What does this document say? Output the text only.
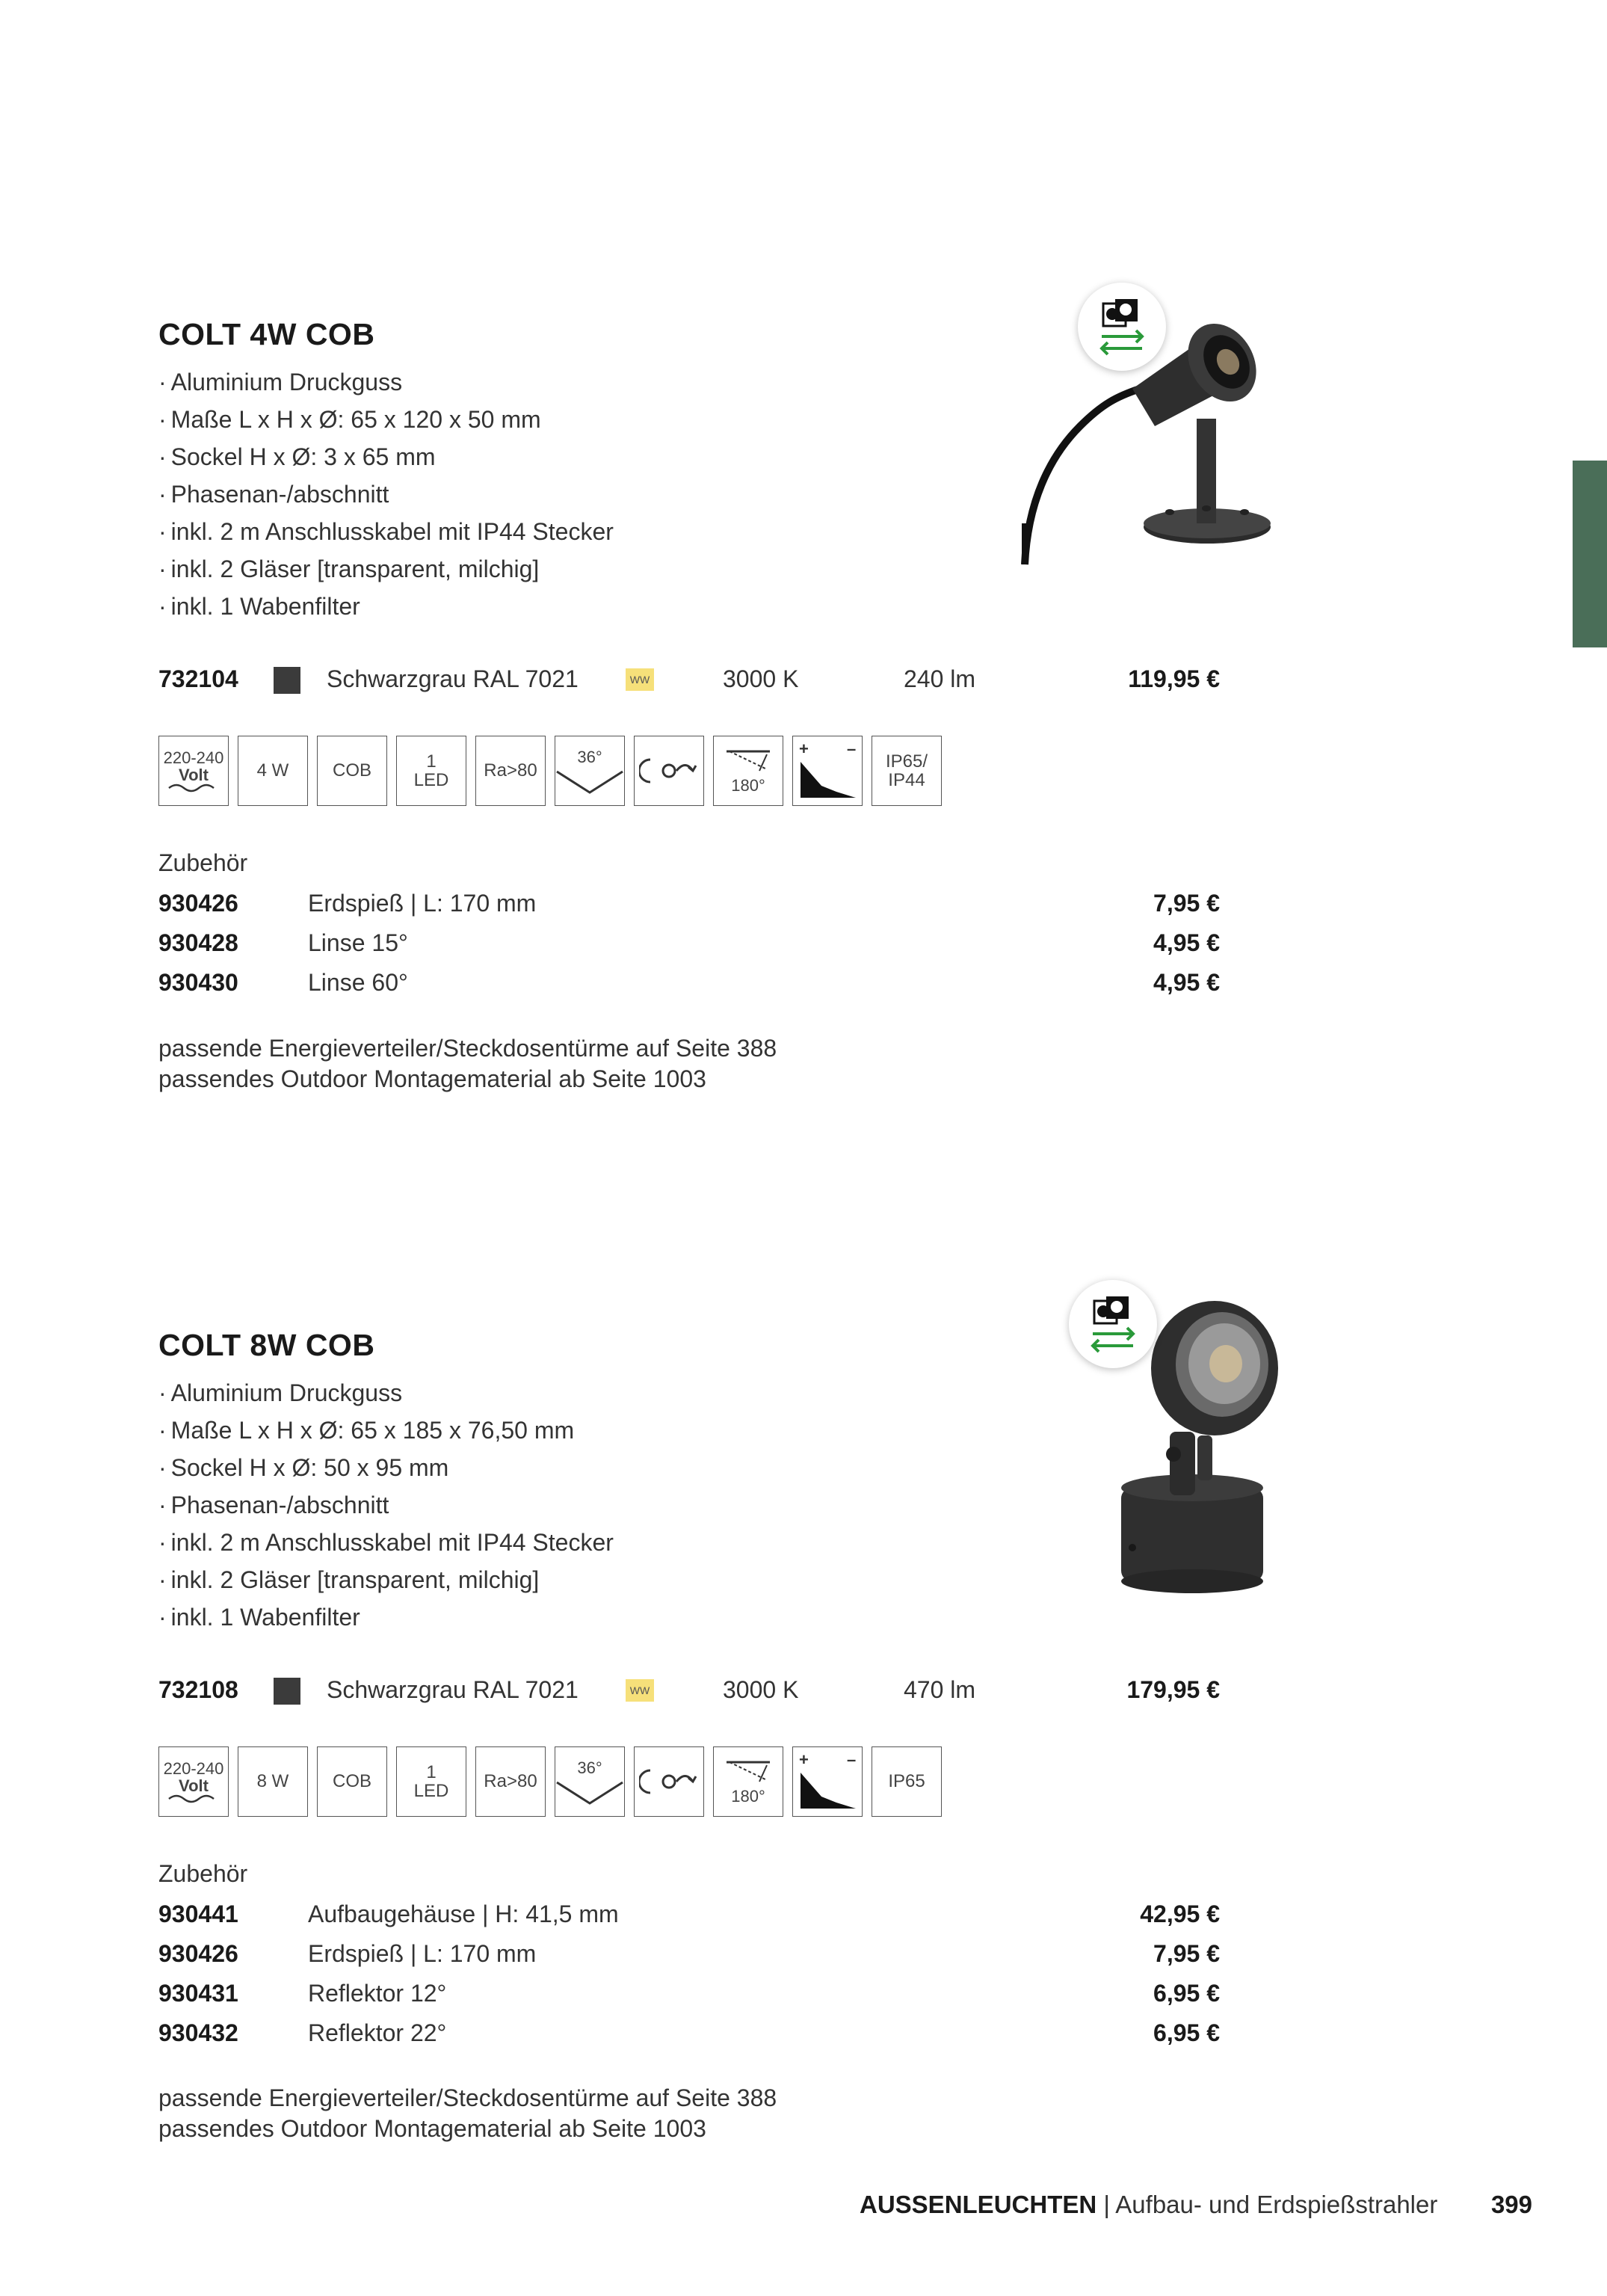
COLT 4W COB
· Aluminium Druckguss
· Maße L x H x Ø: 65 x 120 x 50 mm
· Sockel H x Ø: 3 x 65 mm
· Phasenan-/abschnitt
· inkl. 2 m Anschlusskabel mit IP44 Stecker
· inkl. 2 Gläser [transparent, milchig]
· inkl. 1 Wabenfilter
732104	Schwarzgrau RAL 7021	WW	3000 K	240 lm	119,95 €
220-240
Volt	4 W COB	1
LED Ra>80
36°
180°
+ –
IP65/
IP44
Zubehör
930426	Erdspieß | L: 170 mm	7,95 €
930428	Linse 15°	4,95 €
930430	Linse 60°	4,95 €
passende Energieverteiler/Steckdosentürme auf Seite 388
passendes Outdoor Montagematerial ab Seite 1003
COLT 8W COB
· Aluminium Druckguss
· Maße L x H x Ø: 65 x 185 x 76,50 mm
· Sockel H x Ø: 50 x 95 mm
· Phasenan-/abschnitt
· inkl. 2 m Anschlusskabel mit IP44 Stecker
· inkl. 2 Gläser [transparent, milchig]
· inkl. 1 Wabenfilter
732108	Schwarzgrau RAL 7021	WW	3000 K	470 lm	179,95 €
220-240
Volt	8 W COB	1
LED Ra>80
36°
180°
+ –
IP65
Zubehör
930441	Aufbaugehäuse | H: 41,5 mm	42,95 €
930426	Erdspieß | L: 170 mm	7,95 €
930431	Reflektor 12°	6,95 €
930432	Reflektor 22°	6,95 €
passende Energieverteiler/Steckdosentürme auf Seite 388
passendes Outdoor Montagematerial ab Seite 1003
AUSSENLEUCHTEN | Aufbau- und Erdspießstrahler 399
